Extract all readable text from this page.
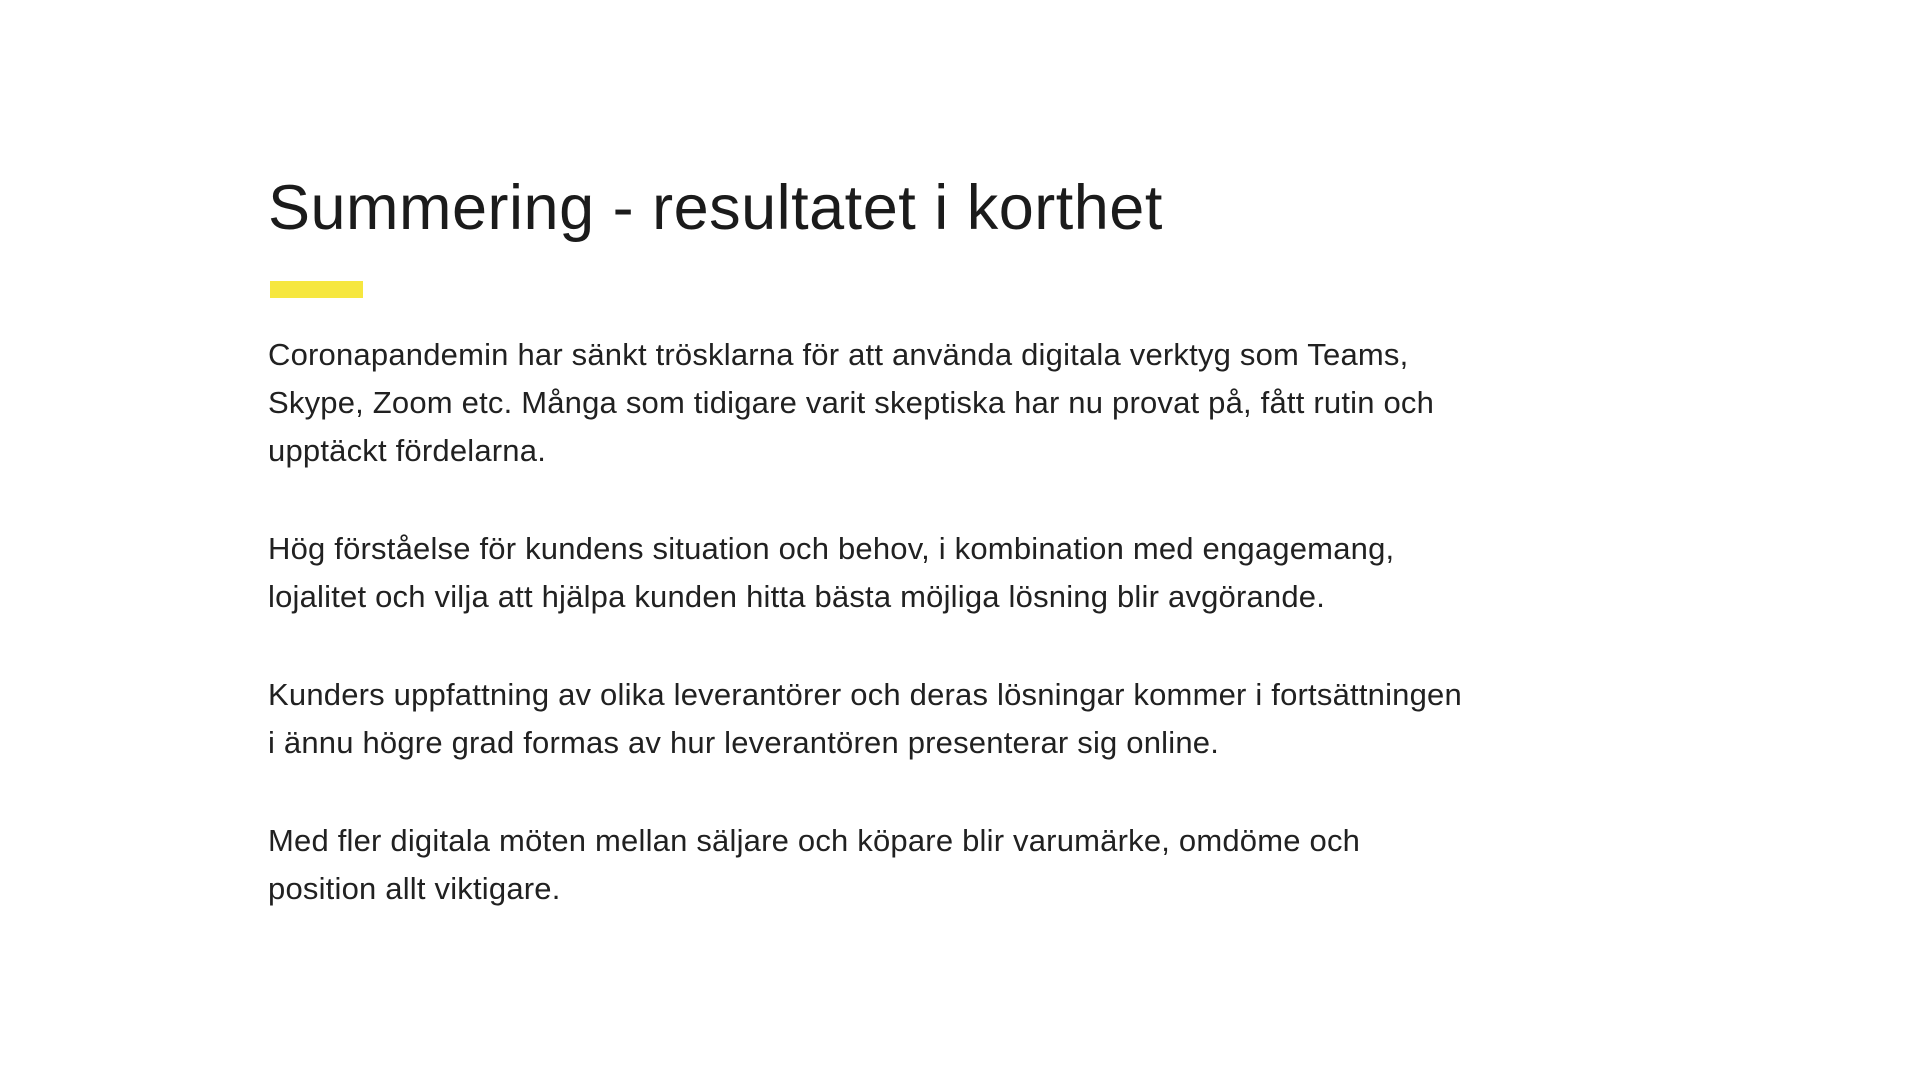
Summering - resultatet i korthet

Coronapandemin har sänkt trösklarna för att använda digitala verktyg som Teams,
Skype, Zoom etc. Många som tidigare varit skeptiska har nu provat på, fått rutin och
upptäckt fördelarna.

Hög förståelse för kundens situation och behov, i kombination med engagemang,
lojalitet och vilja att hjälpa kunden hitta bästa möjliga lösning blir avgörande.

Kunders uppfattning av olika leverantörer och deras lösningar kommer i fortsättningen
i ännu högre grad formas av hur leverantören presenterar sig online.

Med fler digitala möten mellan säljare och köpare blir varumärke, omdöme och
position allt viktigare.
